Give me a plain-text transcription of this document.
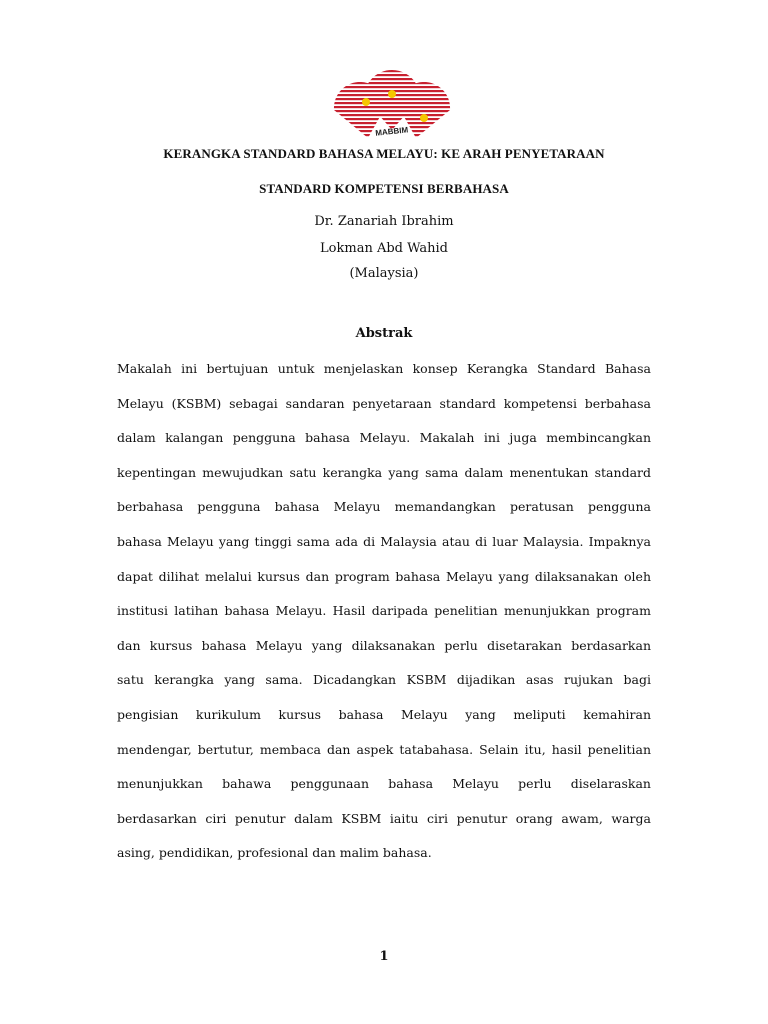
MABBIM
KERANGKA STANDARD BAHASA MELAYU: KE ARAH PENYETARAAN
STANDARD KOMPETENSI BERBAHASA
Dr. Zanariah Ibrahim
Lokman Abd Wahid
(Malaysia)
Abstrak
Makalah ini bertujuan untuk menjelaskan konsep Kerangka Standard Bahasa
Melayu (KSBM) sebagai sandaran penyetaraan standard kompetensi berbahasa
dalam kalangan pengguna bahasa Melayu. Makalah ini juga membincangkan
kepentingan mewujudkan satu kerangka yang sama dalam menentukan standard
berbahasa pengguna bahasa Melayu memandangkan peratusan pengguna
bahasa Melayu yang tinggi sama ada di Malaysia atau di luar Malaysia. Impaknya
dapat dilihat melalui kursus dan program bahasa Melayu yang dilaksanakan oleh
institusi latihan bahasa Melayu. Hasil daripada penelitian menunjukkan program
dan kursus bahasa Melayu yang dilaksanakan perlu disetarakan berdasarkan
satu kerangka yang sama. Dicadangkan KSBM dijadikan asas rujukan bagi
pengisian kurikulum kursus bahasa Melayu yang meliputi kemahiran
mendengar, bertutur, membaca dan aspek tatabahasa. Selain itu, hasil penelitian
menunjukkan bahawa penggunaan bahasa Melayu perlu diselaraskan
berdasarkan ciri penutur dalam KSBM iaitu ciri penutur orang awam, warga
asing, pendidikan, profesional dan malim bahasa.
1
